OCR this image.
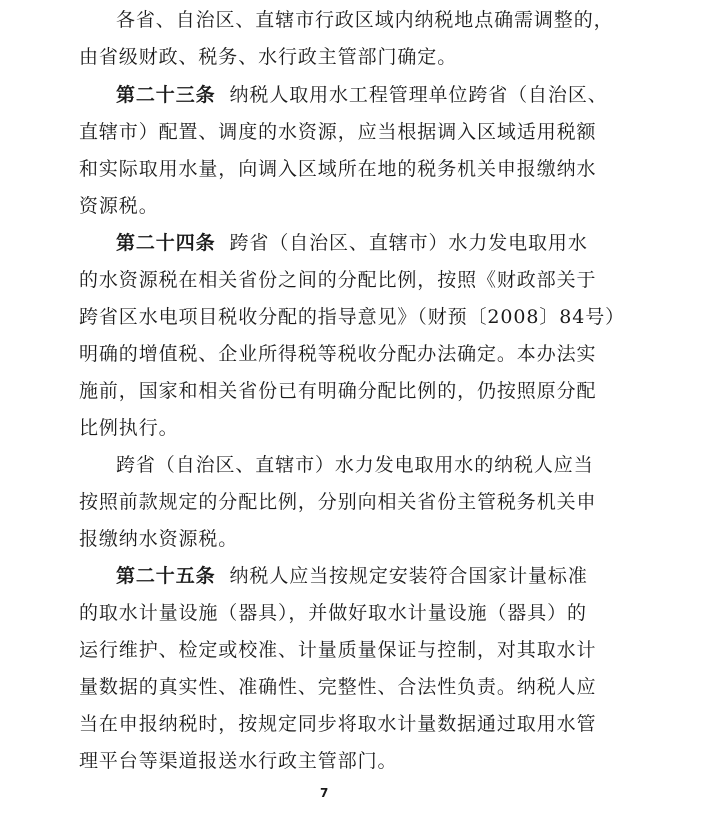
各省、自治区、直辖市行政区域内纳税地点确需调整的，
由省级财政、税务、水行政主管部门确定。
第二十三条 纳税人取用水工程管理单位跨省（自治区、
直辖市）配置、调度的水资源，应当根据调入区域适用税额
和实际取用水量，向调入区域所在地的税务机关申报缴纳水
资源税。
第二十四条 跨省（自治区、直辖市）水力发电取用水
的水资源税在相关省份之间的分配比例，按照《财政部关于
跨省区水电项目税收分配的指导意见》（财预〔2008〕84号）
明确的增值税、企业所得税等税收分配办法确定。本办法实
施前，国家和相关省份已有明确分配比例的，仍按照原分配
比例执行。
跨省（自治区、直辖市）水力发电取用水的纳税人应当
按照前款规定的分配比例，分别向相关省份主管税务机关申
报缴纳水资源税。
第二十五条 纳税人应当按规定安装符合国家计量标准
的取水计量设施（器具），并做好取水计量设施（器具）的
运行维护、检定或校准、计量质量保证与控制，对其取水计
量数据的真实性、准确性、完整性、合法性负责。纳税人应
当在申报纳税时，按规定同步将取水计量数据通过取用水管
理平台等渠道报送水行政主管部门。
7
